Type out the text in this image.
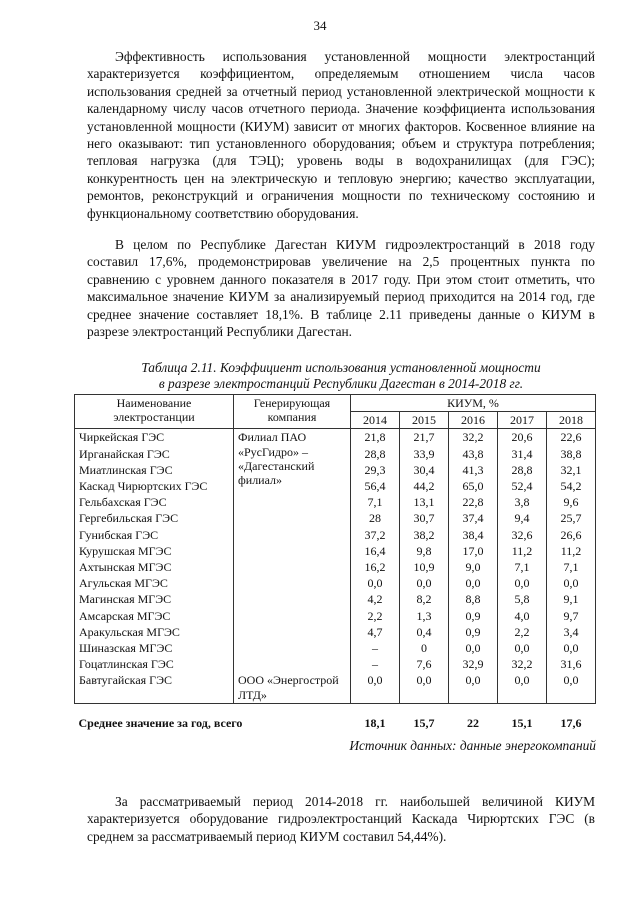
34

Эффективность использования установленной мощности электростанций характеризуется коэффициентом, определяемым отношением числа часов использования средней за отчетный период установленной электрической мощности к календарному числу часов отчетного периода. Значение коэффициента использования установленной мощности (КИУМ) зависит от многих факторов. Косвенное влияние на него оказывают: тип установленного оборудования; объем и структура потребления; тепловая нагрузка (для ТЭЦ); уровень воды в водохранилищах (для ГЭС); конкурентность цен на электрическую и тепловую энергию; качество эксплуатации, ремонтов, реконструкций и ограничения мощности по техническому состоянию и функциональному соответствию оборудования.

В целом по Республике Дагестан КИУМ гидроэлектростанций в 2018 году составил 17,6%, продемонстрировав увеличение на 2,5 процентных пункта по сравнению с уровнем данного показателя в 2017 году. При этом стоит отметить, что максимальное значение КИУМ за анализируемый период приходится на 2014 год, где среднее значение составляет 18,1%. В таблице 2.11 приведены данные о КИУМ в разрезе электростанций Республики Дагестан.

Таблица 2.11. Коэффициент использования установленной мощности
в разрезе электростанций Республики Дагестан в 2014-2018 гг.
Наименование электростанции	Генерирующая компания	КИУМ, %				
		2014	2015	2016	2017	2018
Чиркейская ГЭС	Филиал ПАО «РусГидро» – «Дагестанский филиал»	21,8	21,7	32,2	20,6	22,6
Ирганайская ГЭС		28,8	33,9	43,8	31,4	38,8
Миатлинская ГЭС		29,3	30,4	41,3	28,8	32,1
Каскад Чирюртских ГЭС		56,4	44,2	65,0	52,4	54,2
Гельбахская ГЭС		7,1	13,1	22,8	3,8	9,6
Гергебильская ГЭС		28	30,7	37,4	9,4	25,7
Гунибская ГЭС		37,2	38,2	38,4	32,6	26,6
Курушская МГЭС		16,4	9,8	17,0	11,2	11,2
Ахтынская МГЭС		16,2	10,9	9,0	7,1	7,1
Агульская МГЭС		0,0	0,0	0,0	0,0	0,0
Магинская МГЭС		4,2	8,2	8,8	5,8	9,1
Амсарская МГЭС		2,2	1,3	0,9	4,0	9,7
Аракульская МГЭС		4,7	0,4	0,9	2,2	3,4
Шиназская МГЭС		–	0	0,0	0,0	0,0
Гоцатлинская ГЭС		–	7,6	32,9	32,2	31,6
Бавтугайская ГЭС	ООО «Энергострой ЛТД»	0,0	0,0	0,0	0,0	0,0
Среднее значение за год, всего		18,1	15,7	22	15,1	17,6
Источник данных: данные энергокомпаний

За рассматриваемый период 2014-2018 гг. наибольшей величиной КИУМ характеризуется оборудование гидроэлектростанций Каскада Чирюртских ГЭС (в среднем за рассматриваемый период КИУМ составил 54,44%).
